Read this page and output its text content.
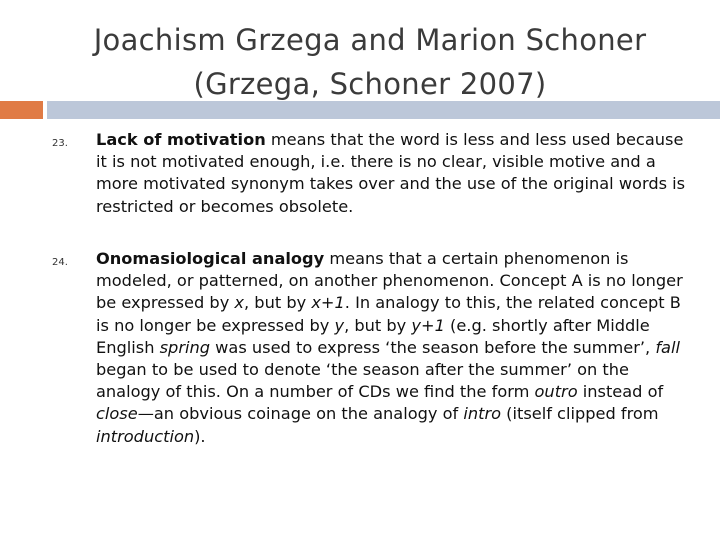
Joachism Grzega and Marion Schoner
(Grzega, Schoner 2007)
23. Lack of motivation means that the word is less and less used because it is not motivated enough, i.e. there is no clear, visible motive and a more motivated synonym takes over and the use of the original words is restricted or becomes obsolete.
24. Onomasiological analogy means that a certain phenomenon is modeled, or patterned, on another phenomenon. Concept A is no longer be expressed by x, but by x+1. In analogy to this, the related concept B is no longer be expressed by y, but by y+1 (e.g. shortly after Middle English spring was used to express ‘the season before the summer’, fall began to be used to denote ‘the season after the summer’ on the analogy of this. On a number of CDs we find the form outro instead of close—an obvious coinage on the analogy of intro (itself clipped from introduction).
